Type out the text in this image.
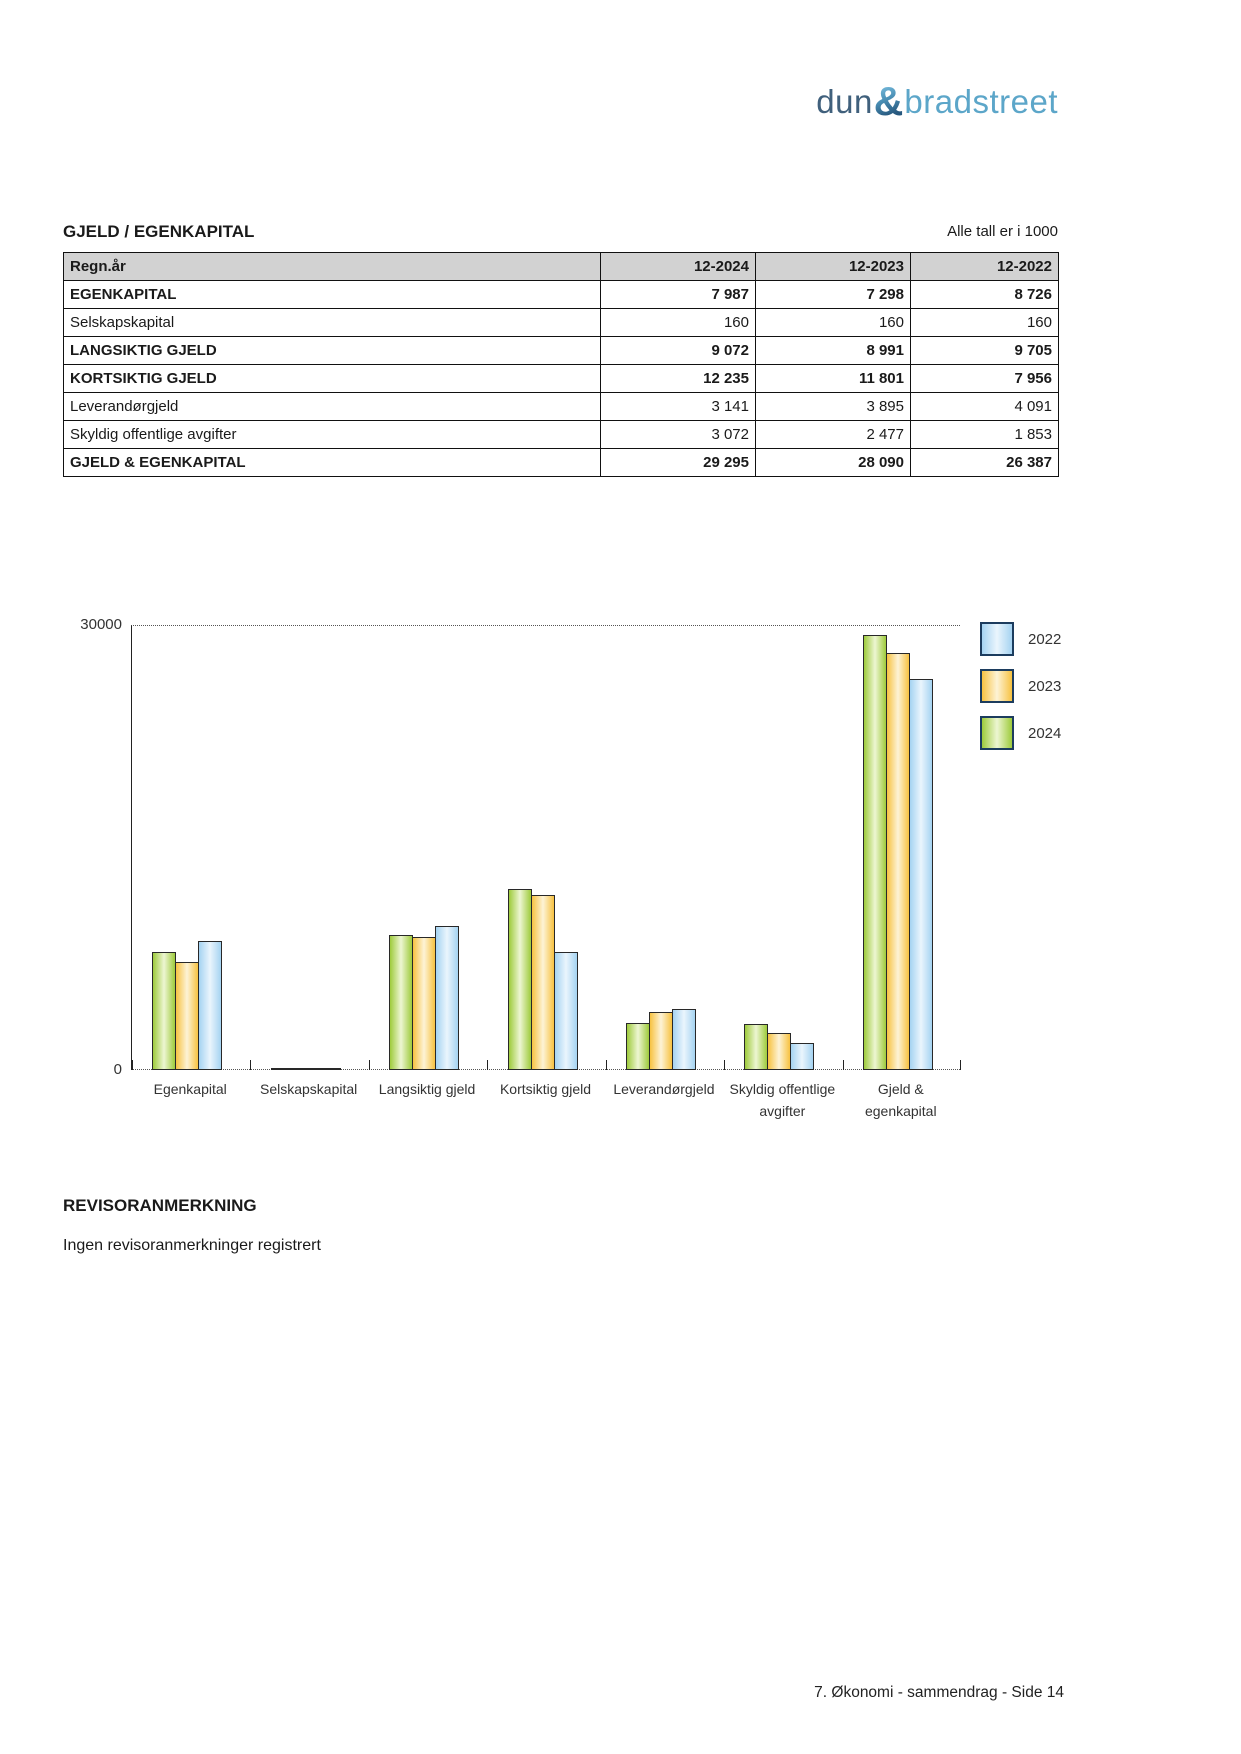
dun & bradstreet
GJELD / EGENKAPITAL	Alle tall er i 1000
Regn.år	12-2024	12-2023	12-2022
EGENKAPITAL	7 987	7 298	8 726
Selskapskapital	160	160	160
LANGSIKTIG GJELD	9 072	8 991	9 705
KORTSIKTIG GJELD	12 235	11 801	7 956
Leverandørgjeld	3 141	3 895	4 091
Skyldig offentlige avgifter	3 072	2 477	1 853
GJELD & EGENKAPITAL	29 295	28 090	26 387
30000
0
2022
2023
2024
Egenkapital	Selskapskapital	Langsiktig gjeld	Kortsiktig gjeld	Leverandørgjeld	Skyldig offentlige
avgifter
Gjeld &
egenkapital
REVISORANMERKNING
Ingen revisoranmerkninger registrert
7. Økonomi - sammendrag - Side 14
